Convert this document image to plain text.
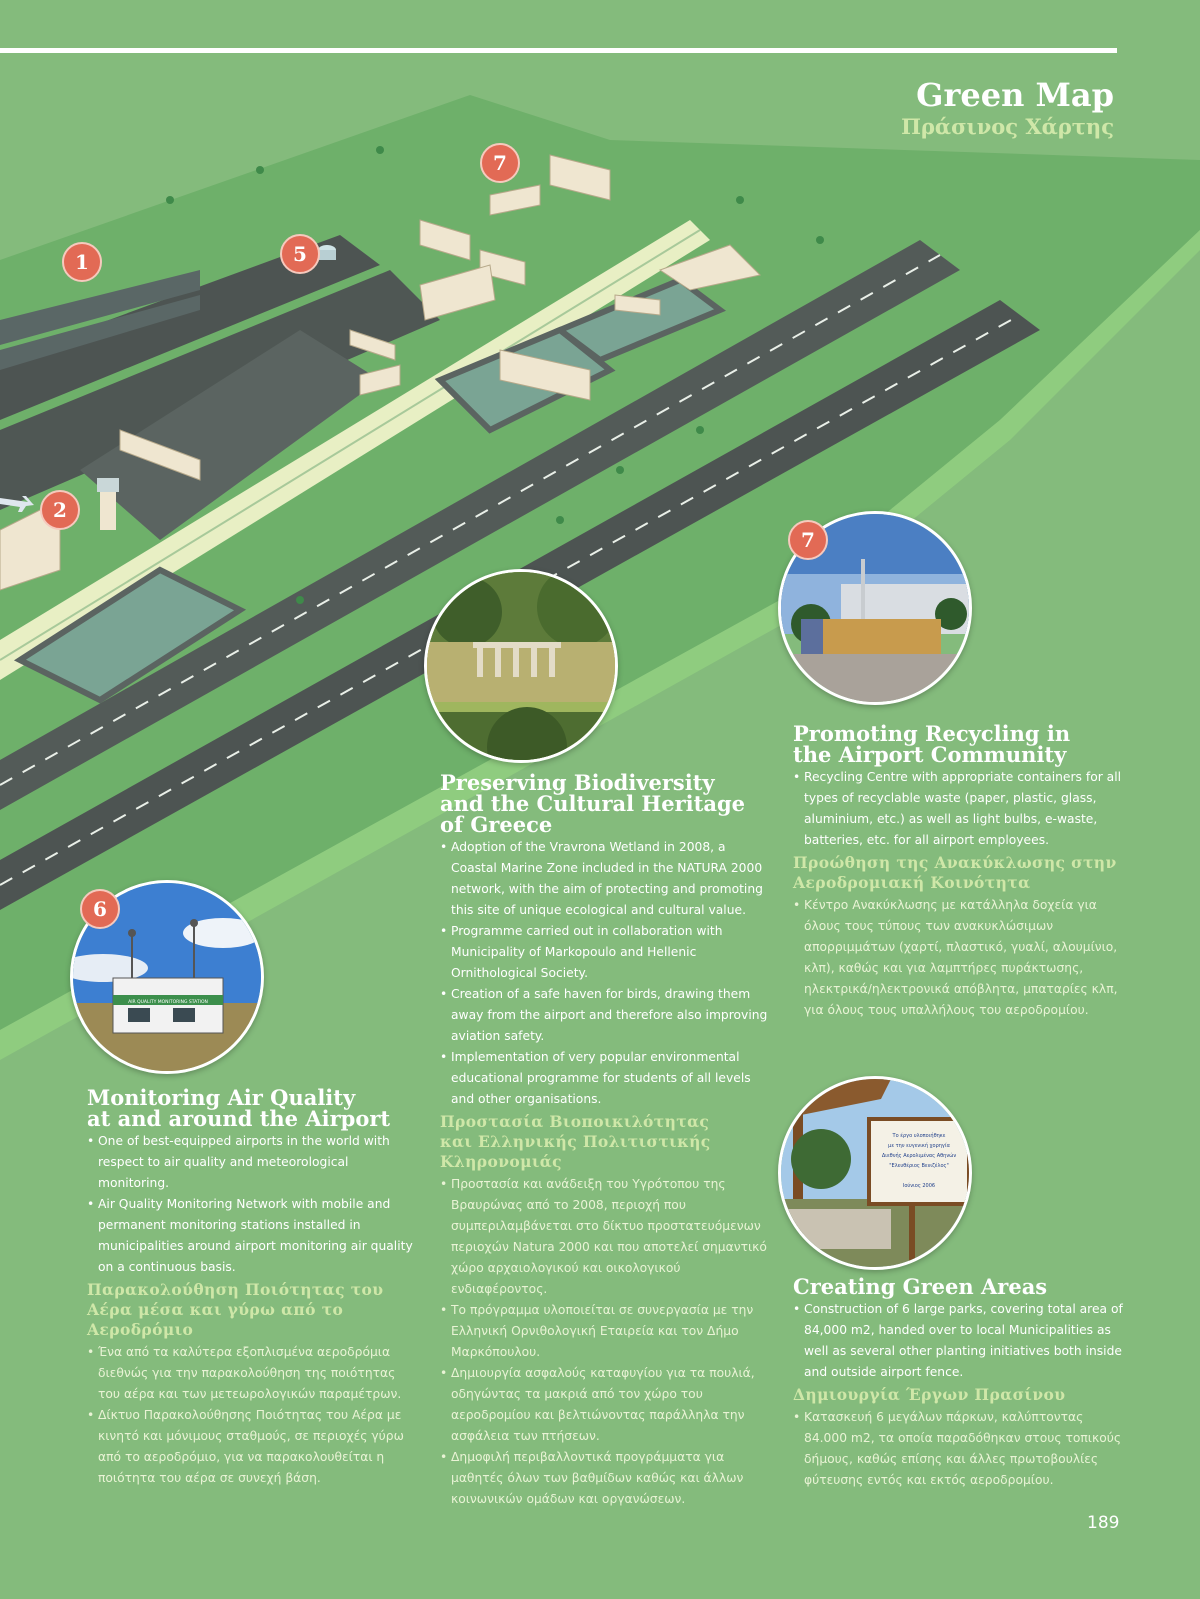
1
2
5
7
Green Map
Πράσινος Χάρτης
7
AIR QUALITY MONITORING STATION
6
Το έργο υλοποιήθηκε
με την ευγενική χορηγία
Διεθνής Αερολιμένας Αθηνών
"Ελευθέριος Βενιζέλος"
Ιούνιος 2006
Promoting Recycling in
the Airport Community
• Recycling Centre with appropriate containers for all types of recyclable waste (paper, plastic, glass, aluminium, etc.) as well as light bulbs, e-waste, batteries, etc. for all airport employees.
Προώθηση της Ανακύκλωσης στην
Αεροδρομιακή Κοινότητα
• Κέντρο Ανακύκλωσης με κατάλληλα δοχεία για όλους τους τύπους των ανακυκλώσιμων απορριμμάτων (χαρτί, πλαστικό, γυαλί, αλουμίνιο, κλπ), καθώς και για λαμπτήρες πυράκτωσης, ηλεκτρικά/ηλεκτρονικά απόβλητα, μπαταρίες κλπ, για όλους τους υπαλλήλους του αεροδρομίου.
Preserving Biodiversity
and the Cultural Heritage
of Greece
• Adoption of the Vravrona Wetland in 2008, a Coastal Marine Zone included in the NATURA 2000 network, with the aim of protecting and promoting this site of unique ecological and cultural value.
• Programme carried out in collaboration with Municipality of Markopoulo and Hellenic Ornithological Society.
• Creation of a safe haven for birds, drawing them away from the airport and therefore also improving aviation safety.
• Implementation of very popular environmental educational programme for students of all levels and other organisations.
Προστασία Βιοποικιλότητας
και Ελληνικής Πολιτιστικής
Κληρονομιάς
• Προστασία και ανάδειξη του Υγρότοπου της Βραυρώνας από το 2008, περιοχή που συμπεριλαμβάνεται στο δίκτυο προστατευόμενων περιοχών Natura 2000 και που αποτελεί σημαντικό χώρο αρχαιολογικού και οικολογικού ενδιαφέροντος.
• Το πρόγραμμα υλοποιείται σε συνεργασία με την Ελληνική Ορνιθολογική Εταιρεία και τον Δήμο Μαρκόπουλου.
• Δημιουργία ασφαλούς καταφυγίου για τα πουλιά, οδηγώντας τα μακριά από τον χώρο του αεροδρομίου και βελτιώνοντας παράλληλα την ασφάλεια των πτήσεων.
• Δημοφιλή περιβαλλοντικά προγράμματα για μαθητές όλων των βαθμίδων καθώς και άλλων κοινωνικών ομάδων και οργανώσεων.
Monitoring Air Quality
at and around the Airport
• One of best-equipped airports in the world with respect to air quality and meteorological monitoring.
• Air Quality Monitoring Network with mobile and permanent monitoring stations installed in municipalities around airport monitoring air quality on a continuous basis.
Παρακολούθηση Ποιότητας του
Αέρα μέσα και γύρω από το
Αεροδρόμιο
• Ένα από τα καλύτερα εξοπλισμένα αεροδρόμια διεθνώς για την παρακολούθηση της ποιότητας του αέρα και των μετεωρολογικών παραμέτρων.
• Δίκτυο Παρακολούθησης Ποιότητας του Αέρα με κινητό και μόνιμους σταθμούς, σε περιοχές γύρω από το αεροδρόμιο, για να παρακολουθείται η ποιότητα του αέρα σε συνεχή βάση.
Creating Green Areas
• Construction of 6 large parks, covering total area of 84,000 m2, handed over to local Municipalities as well as several other planting initiatives both inside and outside airport fence.
Δημιουργία Έργων Πρασίνου
• Κατασκευή 6 μεγάλων πάρκων, καλύπτοντας 84.000 m2, τα οποία παραδόθηκαν στους τοπικούς δήμους, καθώς επίσης και άλλες πρωτοβουλίες φύτευσης εντός και εκτός αεροδρομίου.
189
